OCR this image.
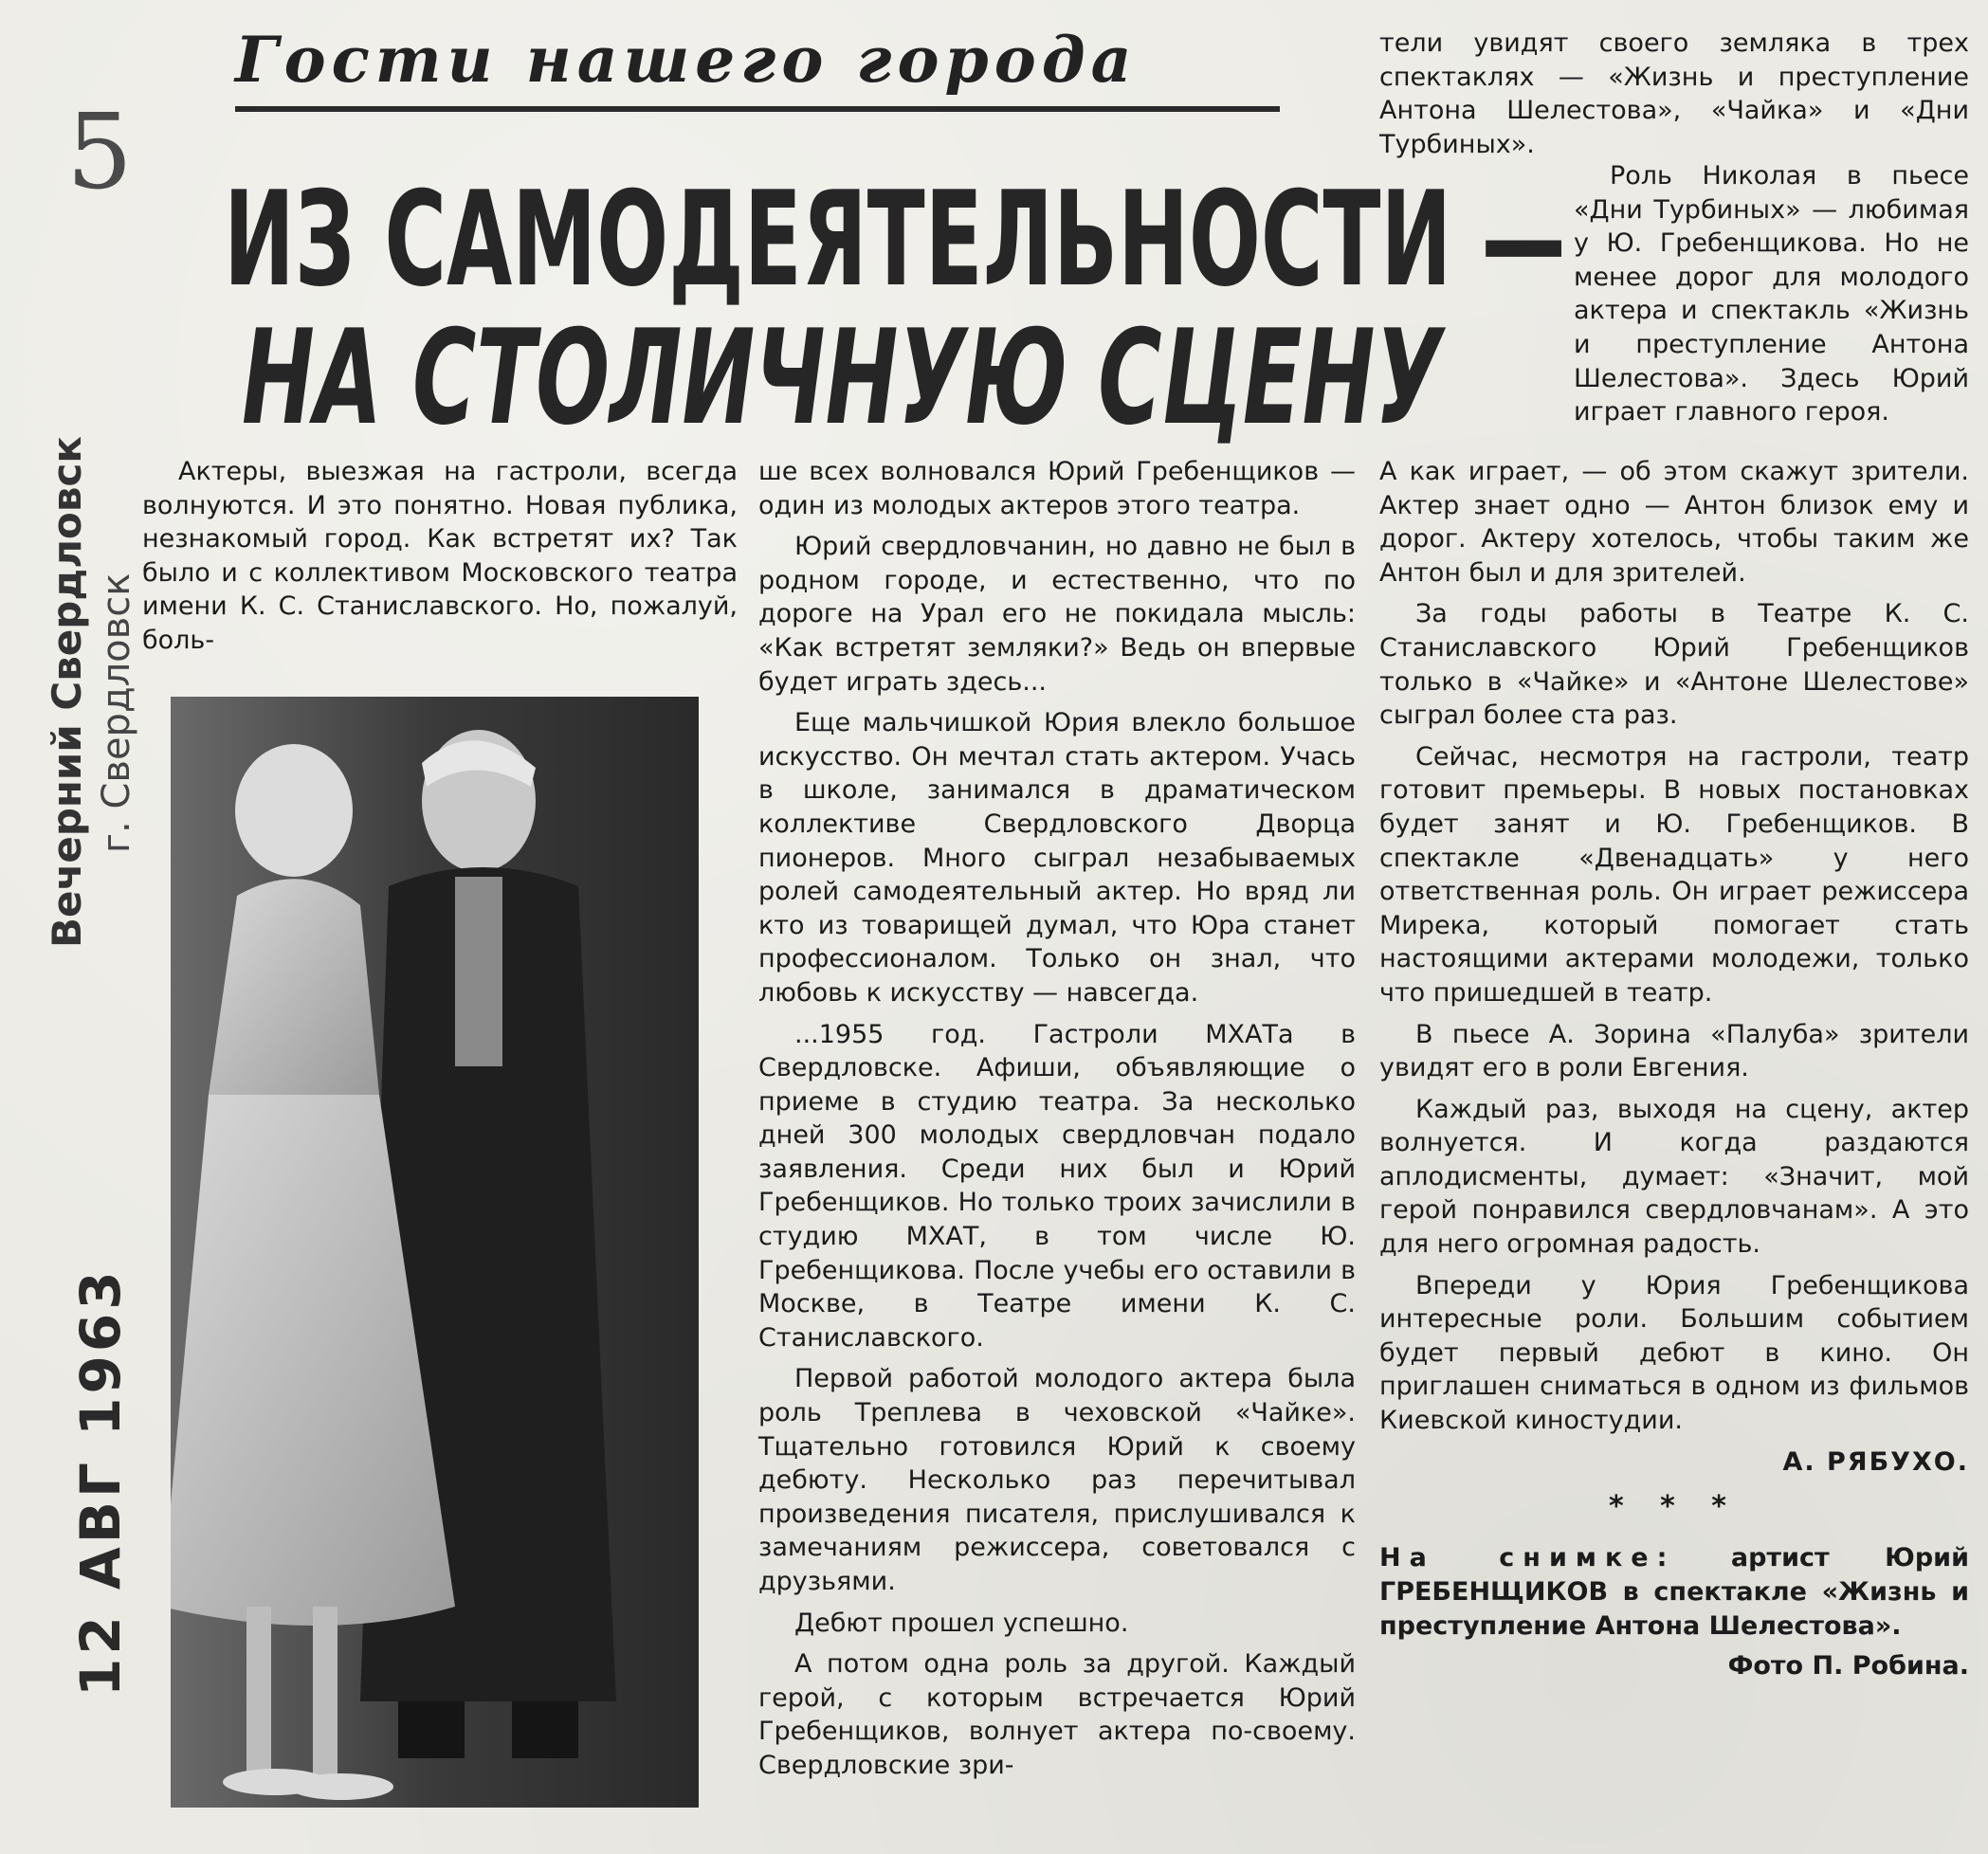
5
Гости нашего города
ИЗ САМОДЕЯТЕЛЬНОСТИ —
НА СТОЛИЧНУЮ СЦЕНУ
Вечерний Свердловск г. Свердловск
12 АВГ 1963

Актеры, выезжая на гастроли, всегда волнуются. И это понятно. Новая публика, незнакомый город. Как встретят их? Так было и с коллективом Московского театра имени К. С. Станиславского. Но, пожалуй, боль-

ше всех волновался Юрий Гребенщиков — один из молодых актеров этого театра.

Юрий свердловчанин, но давно не был в родном городе, и естественно, что по дороге на Урал его не покидала мысль: «Как встретят земляки?» Ведь он впервые будет играть здесь...

Еще мальчишкой Юрия влекло большое искусство. Он мечтал стать актером. Учась в школе, занимался в драматическом коллективе Свердловского Дворца пионеров. Много сыграл незабываемых ролей самодеятельный актер. Но вряд ли кто из товарищей думал, что Юра станет профессионалом. Только он знал, что любовь к искусству — навсегда.

...1955 год. Гастроли МХАТа в Свердловске. Афиши, объявляющие о приеме в студию театра. За несколько дней 300 молодых свердловчан подало заявления. Среди них был и Юрий Гребенщиков. Но только троих зачислили в студию МХАТ, в том числе Ю. Гребенщикова. После учебы его оставили в Москве, в Театре имени К. С. Станиславского.

Первой работой молодого актера была роль Треплева в чеховской «Чайке». Тщательно готовился Юрий к своему дебюту. Несколько раз перечитывал произведения писателя, прислушивался к замечаниям режиссера, советовался с друзьями.

Дебют прошел успешно.

А потом одна роль за другой. Каждый герой, с которым встречается Юрий Гребенщиков, волнует актера по-своему. Свердловские зри-

тели увидят своего земляка в трех спектаклях — «Жизнь и преступление Антона Шелестова», «Чайка» и «Дни Турбиных».

Роль Николая в пьесе «Дни Турбиных» — любимая у Ю. Гребенщикова. Но не менее дорог для молодого актера и спектакль «Жизнь и преступление Антона Шелестова». Здесь Юрий играет главного героя.

А как играет, — об этом скажут зрители. Актер знает одно — Антон близок ему и дорог. Актеру хотелось, чтобы таким же Антон был и для зрителей.

За годы работы в Театре К. С. Станиславского Юрий Гребенщиков только в «Чайке» и «Антоне Шелестове» сыграл более ста раз.

Сейчас, несмотря на гастроли, театр готовит премьеры. В новых постановках будет занят и Ю. Гребенщиков. В спектакле «Двенадцать» у него ответственная роль. Он играет режиссера Мирека, который помогает стать настоящими актерами молодежи, только что пришедшей в театр.

В пьесе А. Зорина «Палуба» зрители увидят его в роли Евгения.

Каждый раз, выходя на сцену, актер волнуется. И когда раздаются аплодисменты, думает: «Значит, мой герой понравился свердловчанам». А это для него огромная радость.

Впереди у Юрия Гребенщикова интересные роли. Большим событием будет первый дебют в кино. Он приглашен сниматься в одном из фильмов Киевской киностудии.

А. РЯБУХО.
* * *
На снимке: артист Юрий ГРЕБЕНЩИКОВ в спектакле «Жизнь и преступление Антона Шелестова».
Фото П. Робина.
